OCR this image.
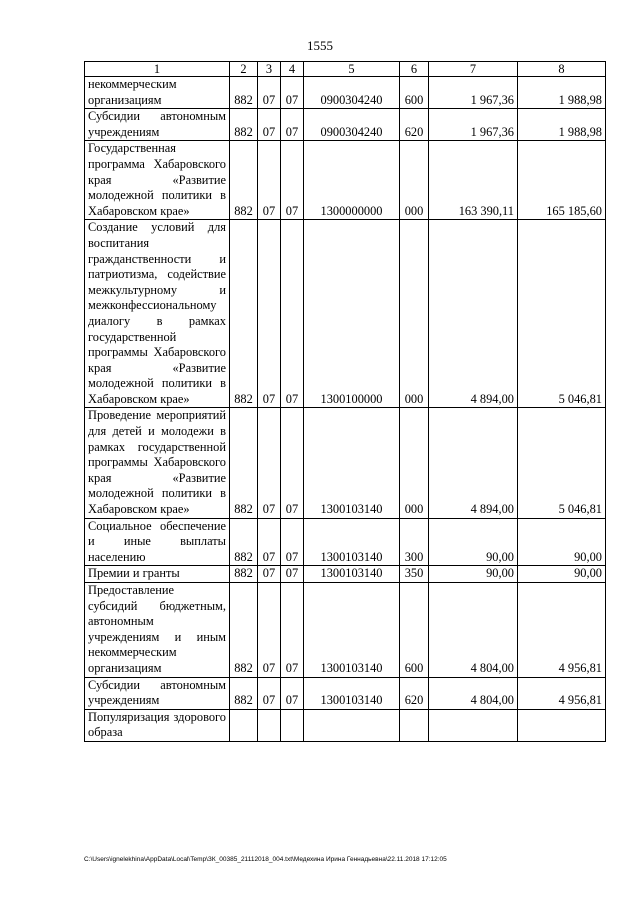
1555
1	2	3	4	5	6	7	8
некоммерческим организациям	882	07	07	0900304240	600	1 967,36	1 988,98
Субсидии автономным учреждениям	882	07	07	0900304240	620	1 967,36	1 988,98
Государственная программа Хабаровского края «Развитие молодежной политики в Хабаровском крае»	882	07	07	1300000000	000	163 390,11	165 185,60
Создание условий для воспитания гражданственности и патриотизма, содействие межкультурному и межконфессиональному диалогу в рамках государственной программы Хабаровского края «Развитие молодежной политики в Хабаровском крае»	882	07	07	1300100000	000	4 894,00	5 046,81
Проведение мероприятий для детей и молодежи в рамках государственной программы Хабаровского края «Развитие молодежной политики в Хабаровском крае»	882	07	07	1300103140	000	4 894,00	5 046,81
Социальное обеспечение и иные выплаты населению	882	07	07	1300103140	300	90,00	90,00
Премии и гранты	882	07	07	1300103140	350	90,00	90,00
Предоставление субсидий бюджетным, автономным учреждениям и иным некоммерческим организациям	882	07	07	1300103140	600	4 804,00	4 956,81
Субсидии автономным учреждениям	882	07	07	1300103140	620	4 804,00	4 956,81
Популяризация здорового образа							
C:\Users\ignelekhina\AppData\Local\Temp\ЗК_00385_21112018_004.txt\Медехина Ирина Геннадьевна\22.11.2018 17:12:05
